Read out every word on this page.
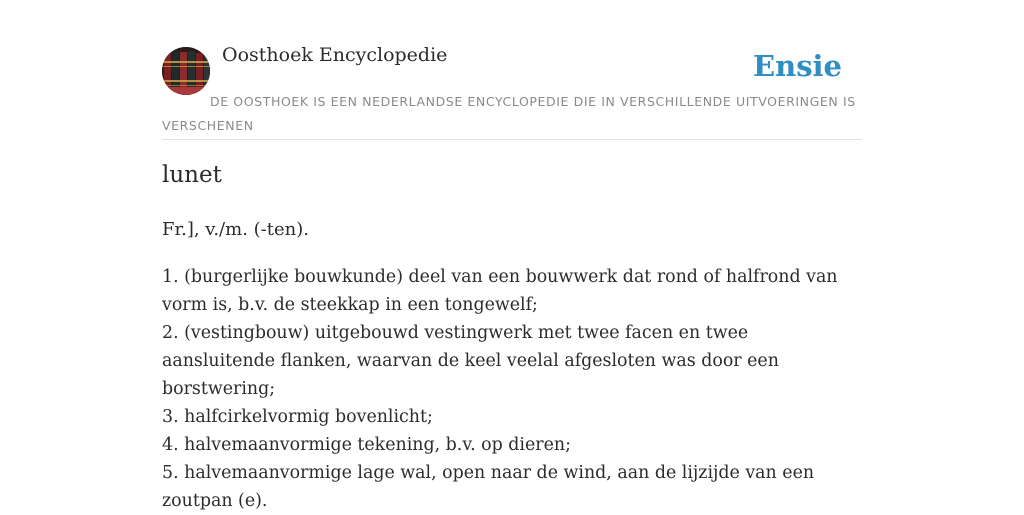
Oosthoek Encyclopedie	Ensie
DE OOSTHOEK IS EEN NEDERLANDSE ENCYCLOPEDIE DIE IN VERSCHILLENDE UITVOERINGEN IS VERSCHENEN
lunet
Fr.], v./m. (-ten).
1. (burgerlijke bouwkunde) deel van een bouwwerk dat rond of halfrond van vorm is, b.v. de steekkap in een tongewelf;
2. (vestingbouw) uitgebouwd vestingwerk met twee facen en twee aansluitende flanken, waarvan de keel veelal afgesloten was door een borstwering;
3. halfcirkelvormig bovenlicht;
4. halvemaanvormige tekening, b.v. op dieren;
5. halvemaanvormige lage wal, open naar de wind, aan de lijzijde van een zoutpan (e).
